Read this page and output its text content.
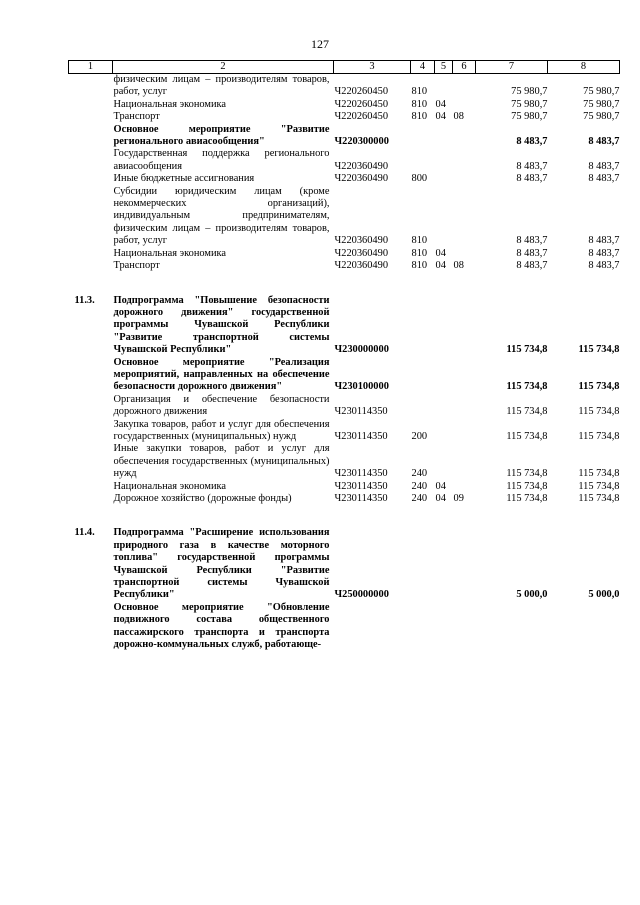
127
1	2	3	4	5	6	7	8
	физическим лицам – производителям товаров, работ, услуг	Ч220260450	810			75 980,7	75 980,7
	Национальная экономика	Ч220260450	810	04		75 980,7	75 980,7
	Транспорт	Ч220260450	810	04	08	75 980,7	75 980,7
	Основное мероприятие "Развитие регионального авиасообщения"	Ч220300000				8 483,7	8 483,7
	Государственная поддержка регионального авиасообщения	Ч220360490				8 483,7	8 483,7
	Иные бюджетные ассигнования	Ч220360490	800			8 483,7	8 483,7
	Субсидии юридическим лицам (кроме некоммерческих организаций), индивидуальным предпринимателям, физическим лицам – производителям товаров, работ, услуг	Ч220360490	810			8 483,7	8 483,7
	Национальная экономика	Ч220360490	810	04		8 483,7	8 483,7
	Транспорт	Ч220360490	810	04	08	8 483,7	8 483,7

11.3.	Подпрограмма "Повышение безопасности дорожного движения" государственной программы Чувашской Республики "Развитие транспортной системы Чувашской Республики"	Ч230000000				115 734,8	115 734,8
	Основное мероприятие "Реализация мероприятий, направленных на обеспечение безопасности дорожного движения"	Ч230100000				115 734,8	115 734,8
	Организация и обеспечение безопасности дорожного движения	Ч230114350				115 734,8	115 734,8
	Закупка товаров, работ и услуг для обеспечения государственных (муниципальных) нужд	Ч230114350	200			115 734,8	115 734,8
	Иные закупки товаров, работ и услуг для обеспечения государственных (муниципальных) нужд	Ч230114350	240			115 734,8	115 734,8
	Национальная экономика	Ч230114350	240	04		115 734,8	115 734,8
	Дорожное хозяйство (дорожные фонды)	Ч230114350	240	04	09	115 734,8	115 734,8

11.4.	Подпрограмма "Расширение использования природного газа в качестве моторного топлива" государственной программы Чувашской Республики "Развитие транспортной системы Чувашской Республики"	Ч250000000				5 000,0	5 000,0
	Основное мероприятие "Обновление подвижного состава общественного пассажирского транспорта и транспорта дорожно-коммунальных служб, работающе-						
